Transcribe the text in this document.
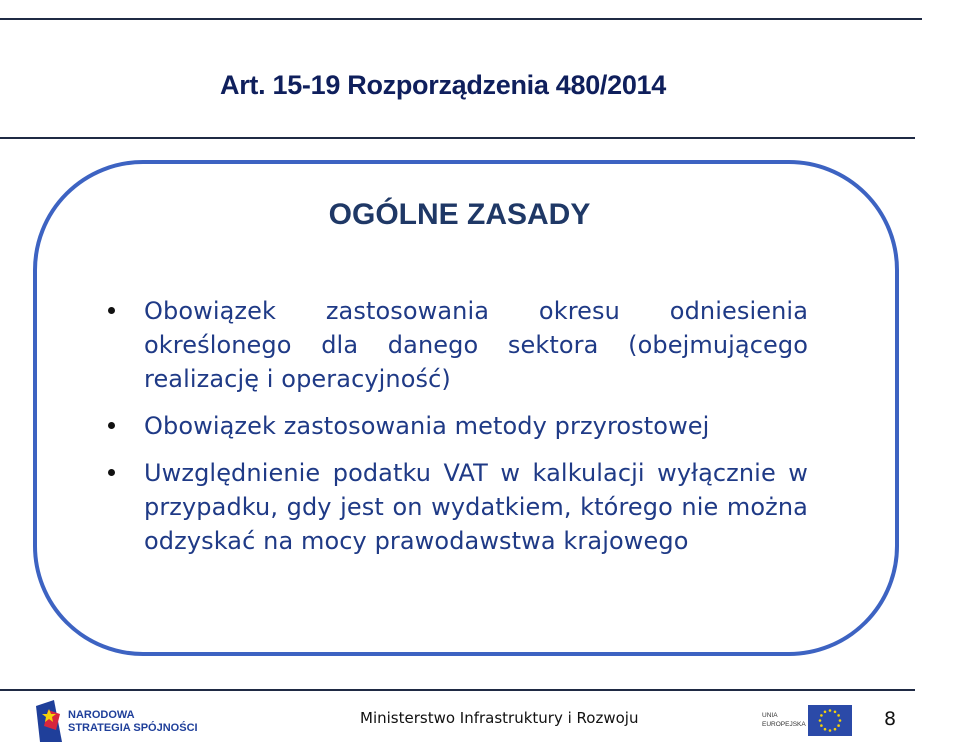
Art. 15-19 Rozporządzenia 480/2014
OGÓLNE ZASADY
Obowiązek zastosowania okresu odniesienia określonego dla danego sektora (obejmującego realizację i operacyjność)
Obowiązek zastosowania metody przyrostowej
Uwzględnienie podatku VAT w kalkulacji wyłącznie w przypadku, gdy jest on wydatkiem, którego nie można odzyskać na mocy prawodawstwa krajowego
NARODOWA
STRATEGIA SPÓJNOŚCI
Ministerstwo Infrastruktury i Rozwoju	UNIA
EUROPEJSKA	8
